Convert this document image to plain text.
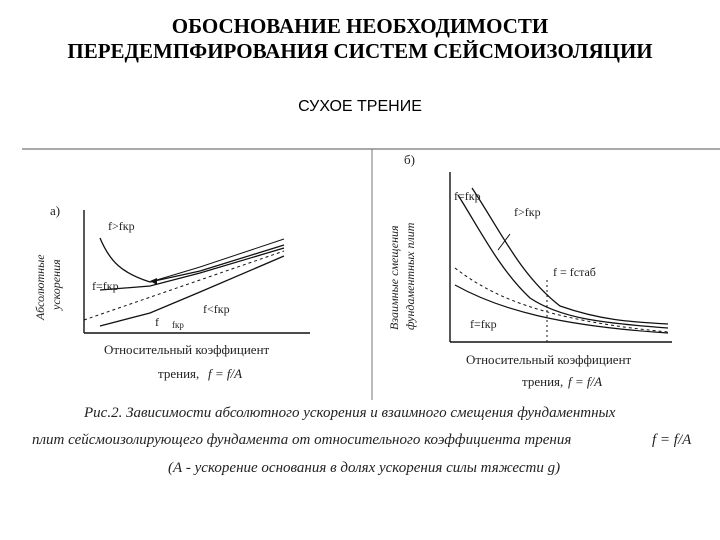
ОБОСНОВАНИЕ НЕОБХОДИМОСТИ
ПЕРЕДЕМПФИРОВАНИЯ СИСТЕМ СЕЙСМОИЗОЛЯЦИИ
СУХОЕ ТРЕНИЕ
а)
Абсолютные ускорения
f>fкр
f=fкр
f<fкр
f fкр
Относительный коэффициент
трения, f = f/A
б)
Взаимные смещения фундаментных плит
f=fкр
f>fкр
f = fстаб
f=fкр
Относительный коэффициент
трения, f = f/A
Рис.2. Зависимости абсолютного ускорения и взаимного смещения фундаментных
плит сейсмоизолирующего фундамента от относительного коэффициента трения	f = f/A
(А - ускорение основания в долях ускорения силы тяжести g)
